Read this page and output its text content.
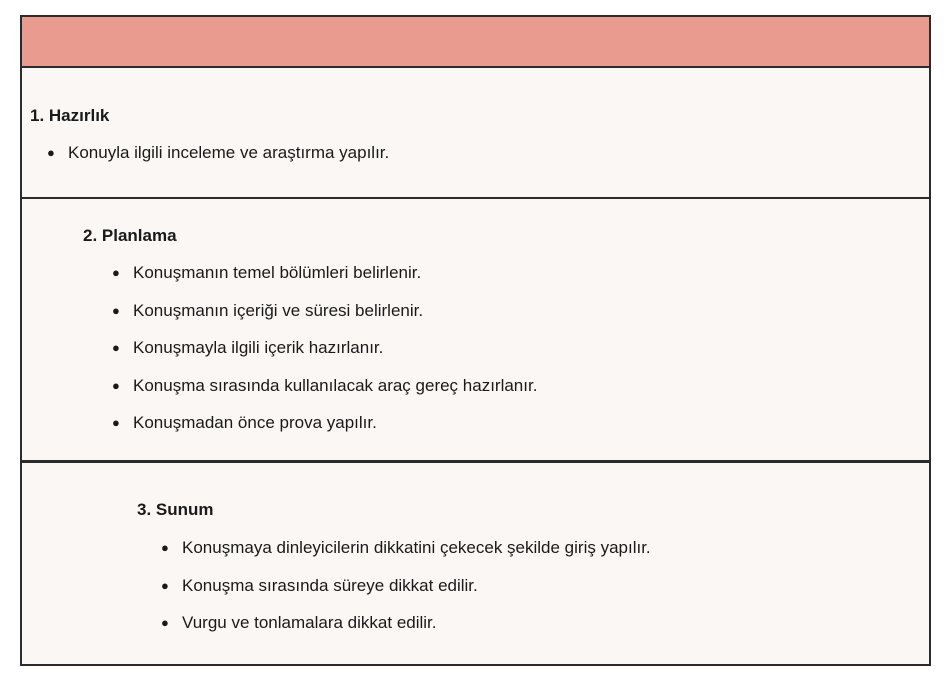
1. Hazırlık
● Konuyla ilgili inceleme ve araştırma yapılır.
2. Planlama
● Konuşmanın temel bölümleri belirlenir.
● Konuşmanın içeriği ve süresi belirlenir.
● Konuşmayla ilgili içerik hazırlanır.
● Konuşma sırasında kullanılacak araç gereç hazırlanır.
● Konuşmadan önce prova yapılır.
3. Sunum
● Konuşmaya dinleyicilerin dikkatini çekecek şekilde giriş yapılır.
● Konuşma sırasında süreye dikkat edilir.
● Vurgu ve tonlamalara dikkat edilir.
